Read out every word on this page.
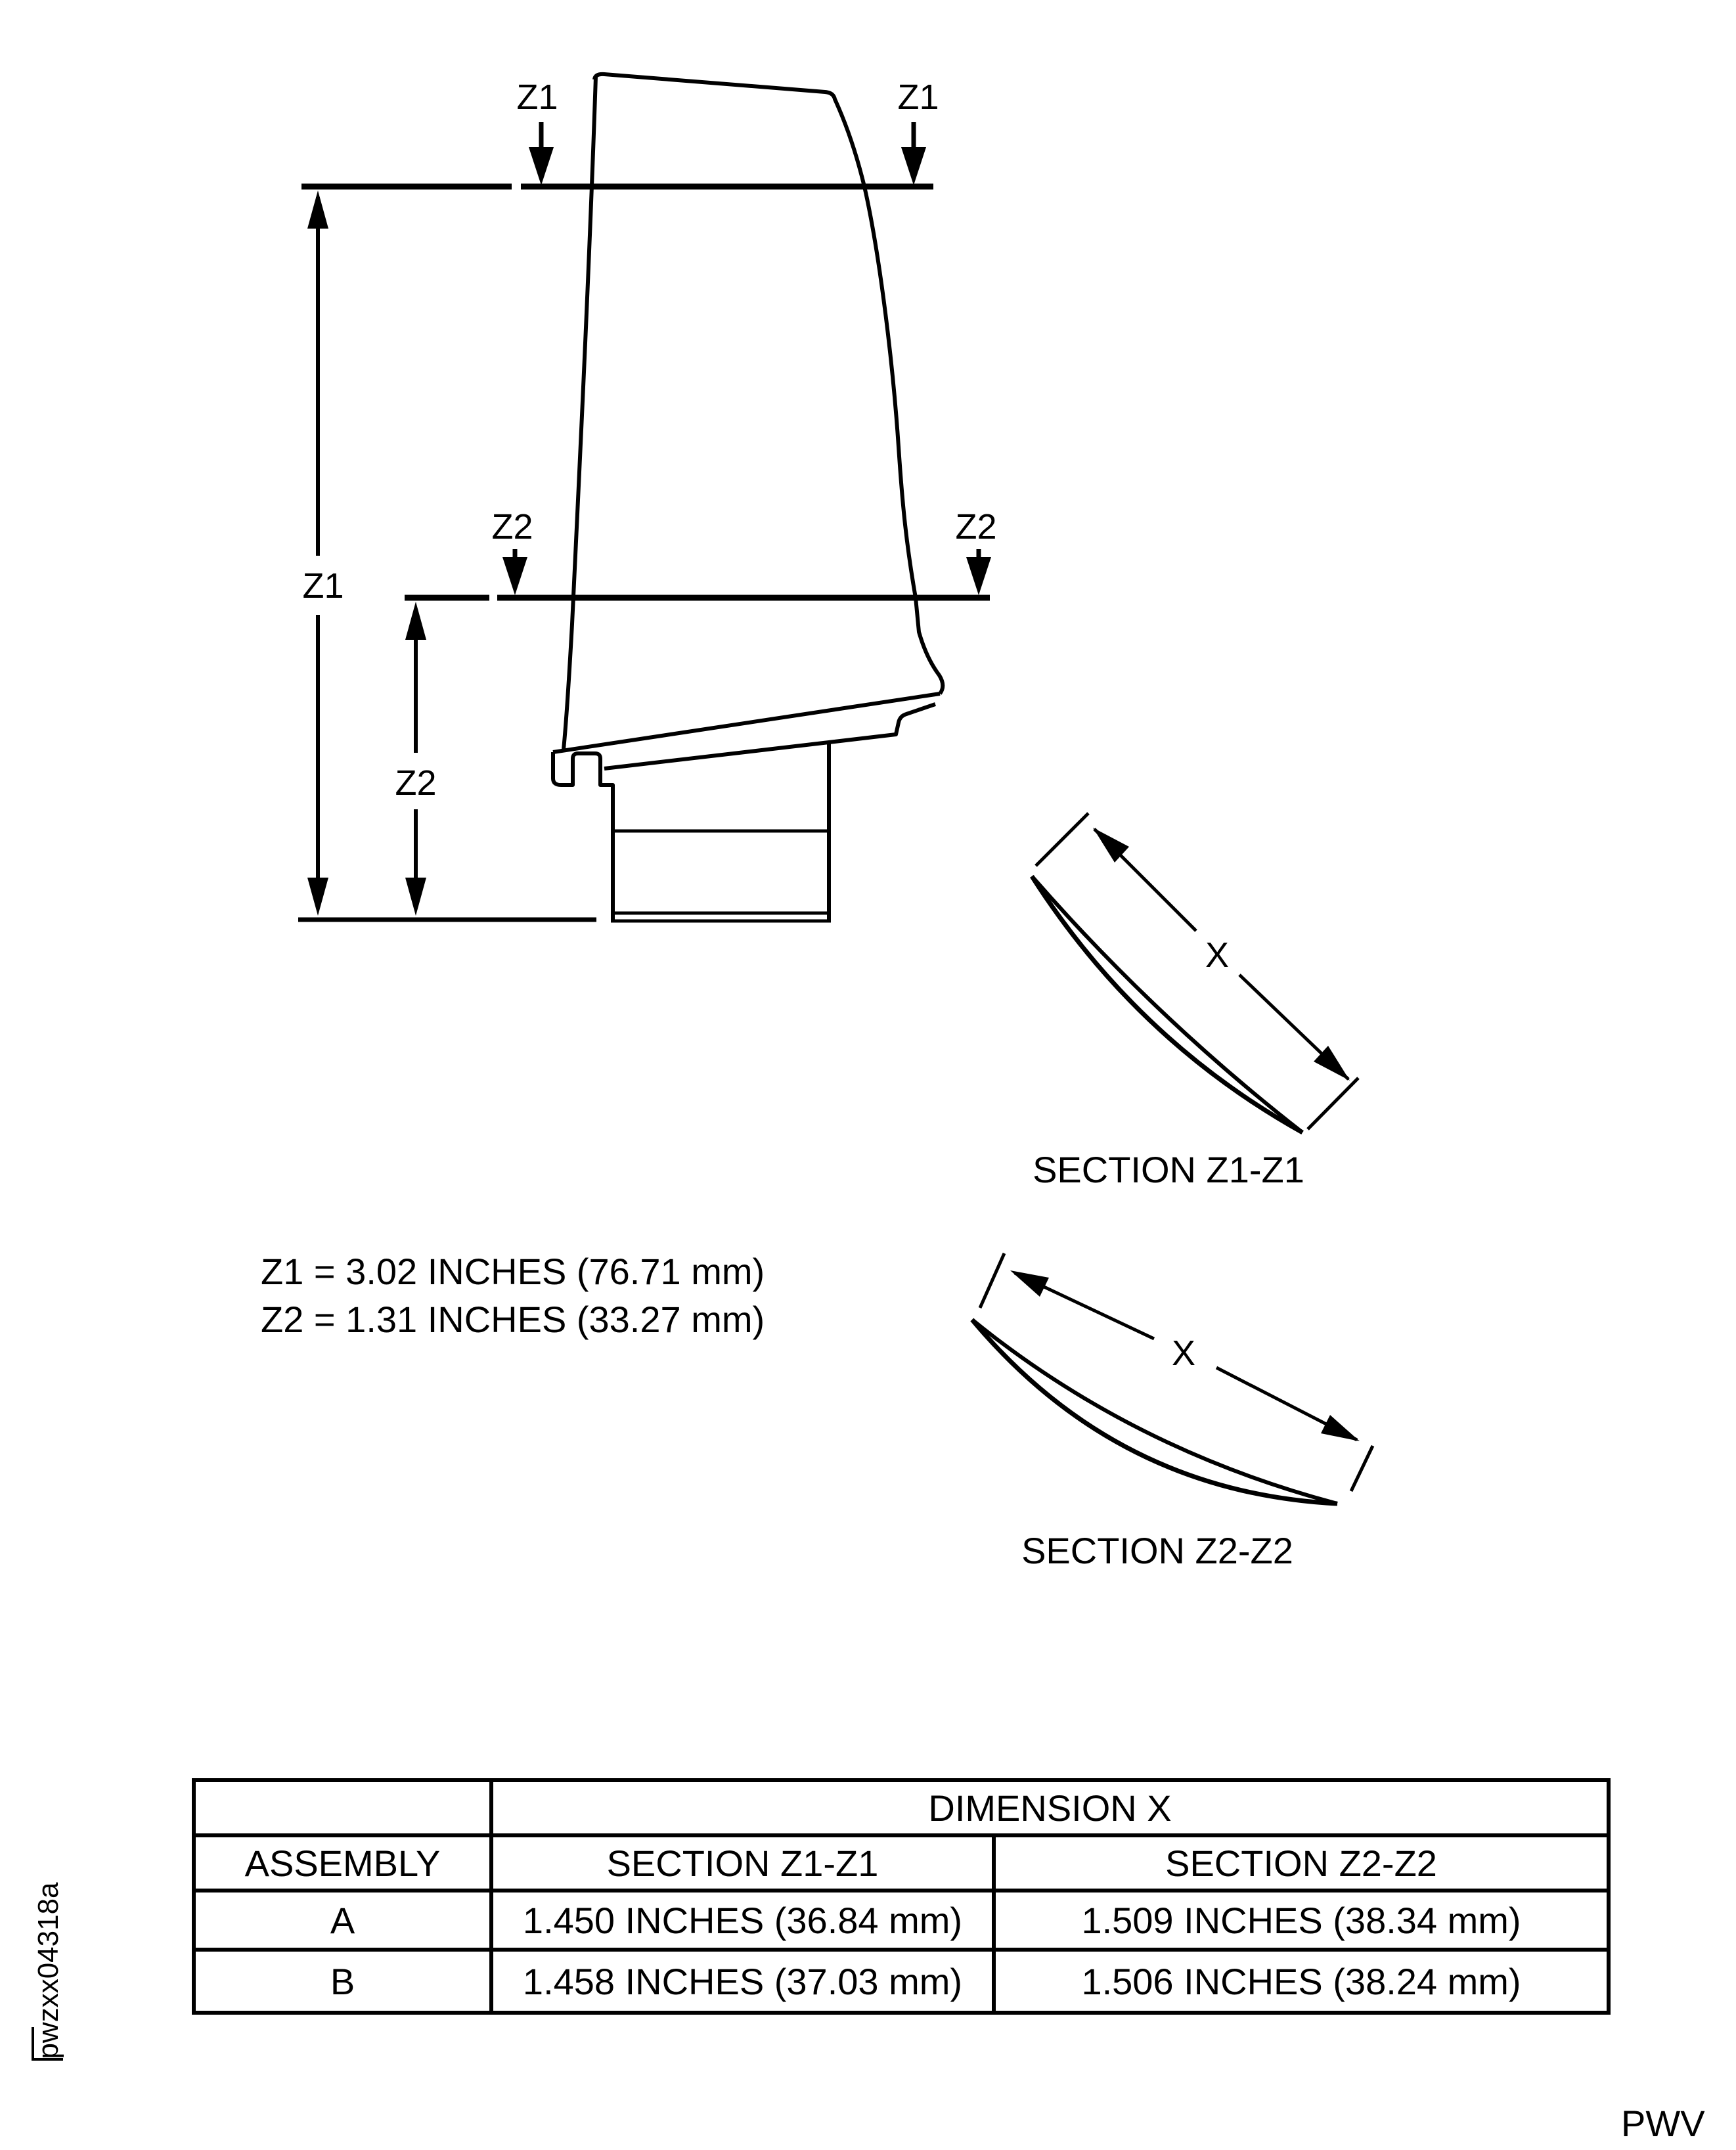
Z1	Z1
Z2	Z2
Z1
Z2
X
SECTION Z1-Z1
X
SECTION Z2-Z2
Z1 = 3.02 INCHES (76.71 mm)
Z2 = 1.31 INCHES (33.27 mm)
	DIMENSION X	
ASSEMBLY	SECTION Z1-Z1	SECTION Z2-Z2
A	1.450 INCHES (36.84 mm)	1.509 INCHES (38.34 mm)
B	1.458 INCHES (37.03 mm)	1.506 INCHES (38.24 mm)
pwzxx04318a
PWV
